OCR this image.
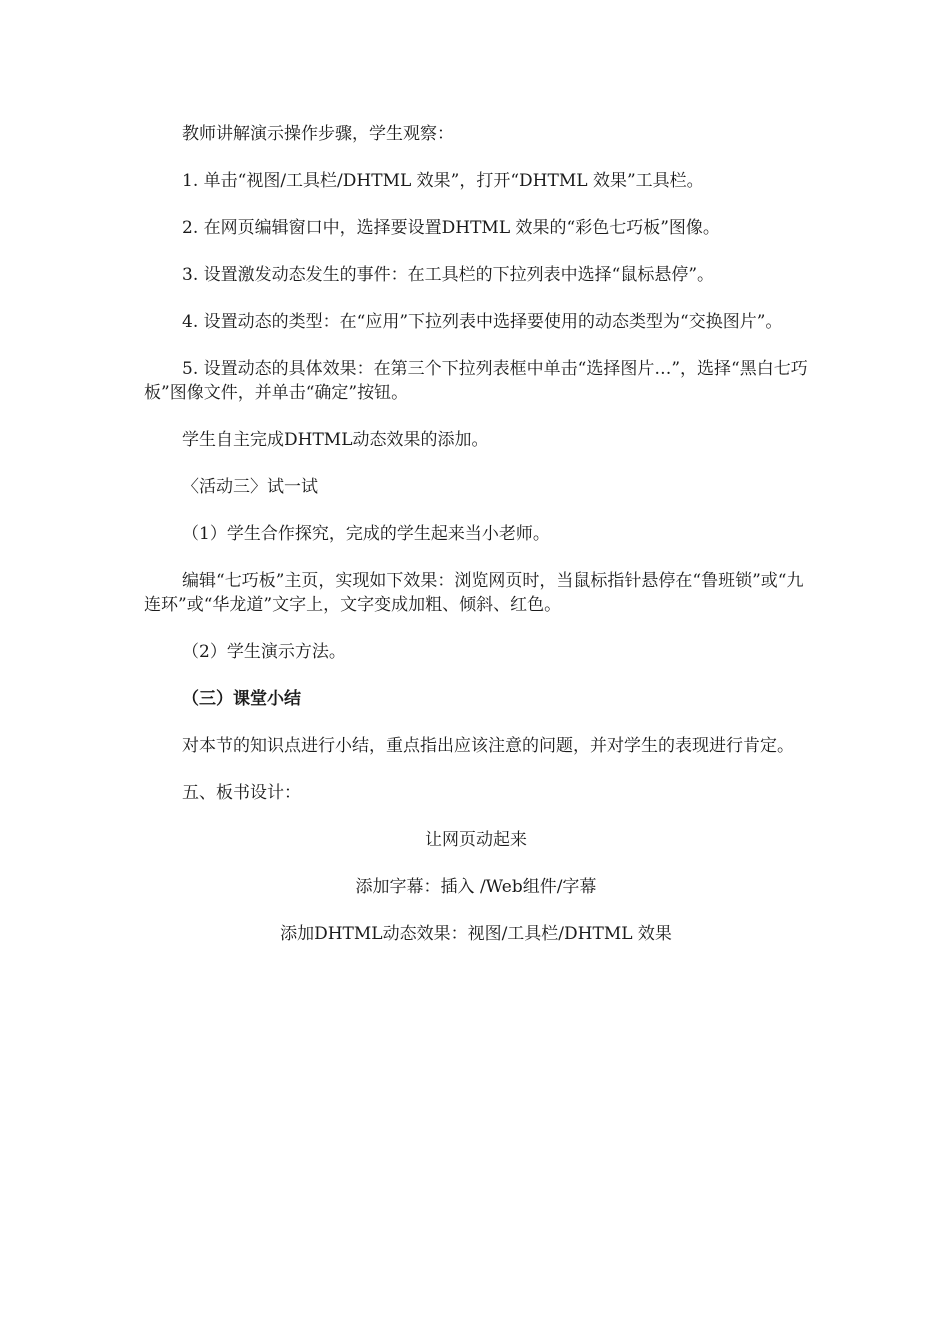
教师讲解演示操作步骤，学生观察：

1. 单击“视图/工具栏/DHTML 效果”，打开“DHTML 效果”工具栏。

2. 在网页编辑窗口中，选择要设置DHTML 效果的“彩色七巧板”图像。

3. 设置激发动态发生的事件：在工具栏的下拉列表中选择“鼠标悬停”。

4. 设置动态的类型：在“应用”下拉列表中选择要使用的动态类型为“交换图片”。

5. 设置动态的具体效果：在第三个下拉列表框中单击“选择图片…”，选择“黑白七巧板”图像文件，并单击“确定”按钮。

学生自主完成DHTML动态效果的添加。

〈活动三〉试一试

（1）学生合作探究，完成的学生起来当小老师。

编辑“七巧板”主页，实现如下效果：浏览网页时，当鼠标指针悬停在“鲁班锁”或“九连环”或“华龙道”文字上，文字变成加粗、倾斜、红色。

（2）学生演示方法。

（三）课堂小结

对本节的知识点进行小结，重点指出应该注意的问题，并对学生的表现进行肯定。

五、板书设计：

让网页动起来

添加字幕：插入 /Web组件/字幕

添加DHTML动态效果：视图/工具栏/DHTML 效果
